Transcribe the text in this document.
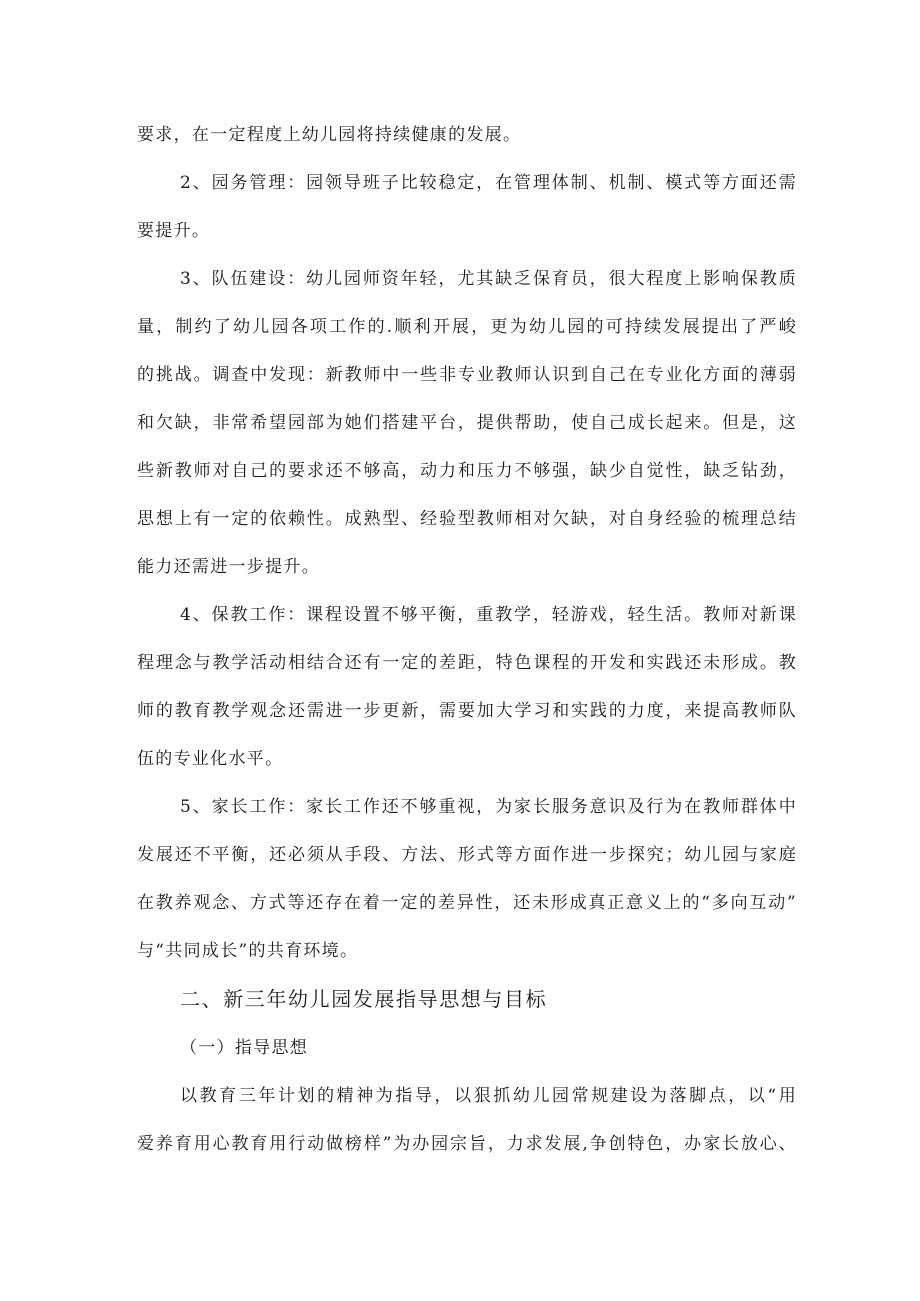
要求，在一定程度上幼儿园将持续健康的发展。
2、园务管理：园领导班子比较稳定，在管理体制、机制、模式等方面还需
要提升。
3、队伍建设：幼儿园师资年轻，尤其缺乏保育员，很大程度上影响保教质
量，制约了幼儿园各项工作的.顺利开展，更为幼儿园的可持续发展提出了严峻
的挑战。调查中发现：新教师中一些非专业教师认识到自己在专业化方面的薄弱
和欠缺，非常希望园部为她们搭建平台，提供帮助，使自己成长起来。但是，这
些新教师对自己的要求还不够高，动力和压力不够强，缺少自觉性，缺乏钻劲，
思想上有一定的依赖性。成熟型、经验型教师相对欠缺，对自身经验的梳理总结
能力还需进一步提升。
4、保教工作：课程设置不够平衡，重教学，轻游戏，轻生活。教师对新课
程理念与教学活动相结合还有一定的差距，特色课程的开发和实践还未形成。教
师的教育教学观念还需进一步更新，需要加大学习和实践的力度，来提高教师队
伍的专业化水平。
5、家长工作：家长工作还不够重视，为家长服务意识及行为在教师群体中
发展还不平衡，还必须从手段、方法、形式等方面作进一步探究；幼儿园与家庭
在教养观念、方式等还存在着一定的差异性，还未形成真正意义上的“多向互动”
与“共同成长”的共育环境。
二、新三年幼儿园发展指导思想与目标
（一）指导思想
以教育三年计划的精神为指导，以狠抓幼儿园常规建设为落脚点，以“用
爱养育用心教育用行动做榜样”为办园宗旨，力求发展,争创特色，办家长放心、
